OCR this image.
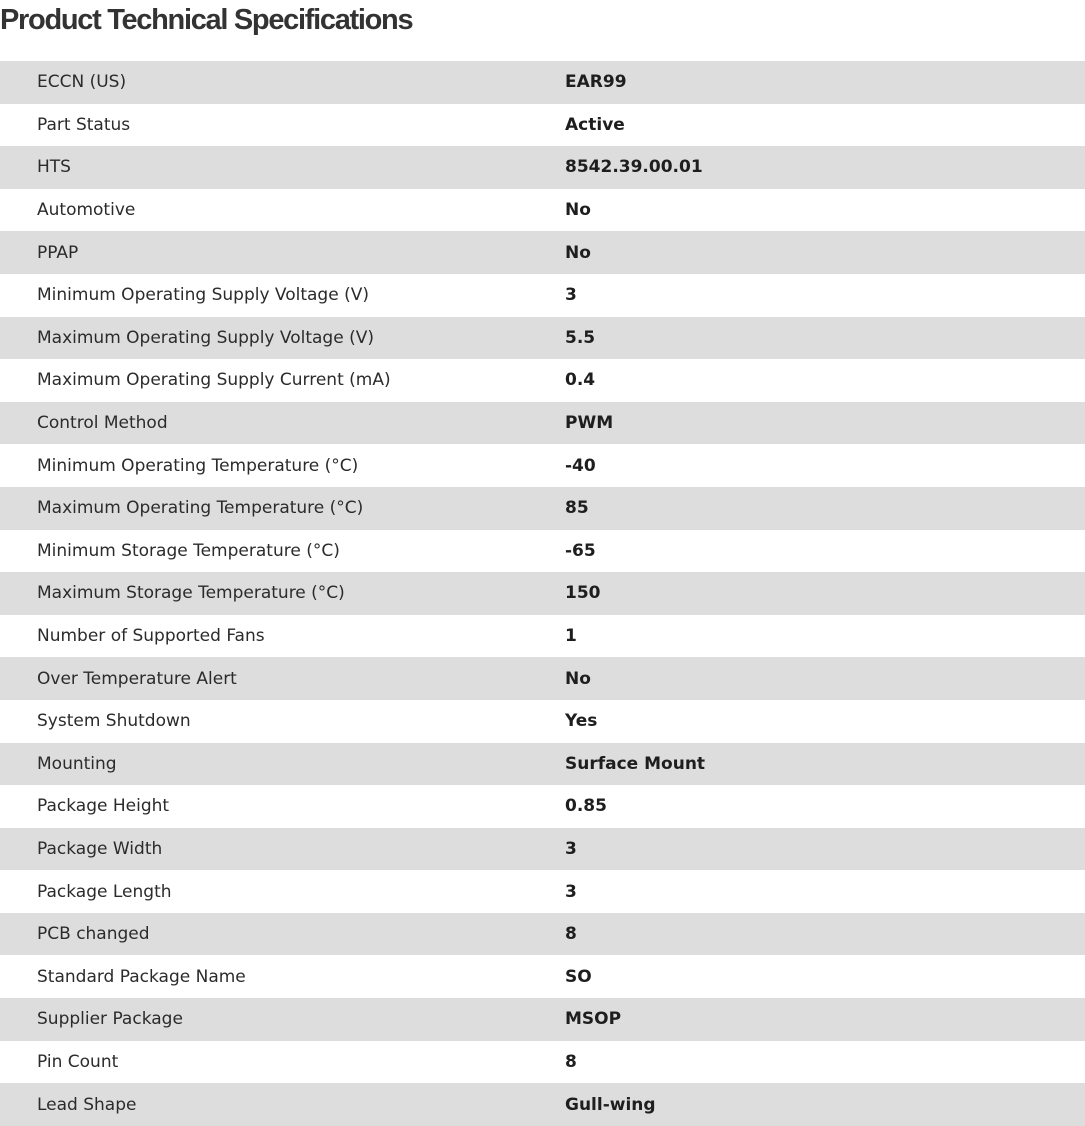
Product Technical Specifications
ECCN (US)	EAR99
Part Status	Active
HTS	8542.39.00.01
Automotive	No
PPAP	No
Minimum Operating Supply Voltage (V)	3
Maximum Operating Supply Voltage (V)	5.5
Maximum Operating Supply Current (mA)	0.4
Control Method	PWM
Minimum Operating Temperature (°C)	-40
Maximum Operating Temperature (°C)	85
Minimum Storage Temperature (°C)	-65
Maximum Storage Temperature (°C)	150
Number of Supported Fans	1
Over Temperature Alert	No
System Shutdown	Yes
Mounting	Surface Mount
Package Height	0.85
Package Width	3
Package Length	3
PCB changed	8
Standard Package Name	SO
Supplier Package	MSOP
Pin Count	8
Lead Shape	Gull-wing
